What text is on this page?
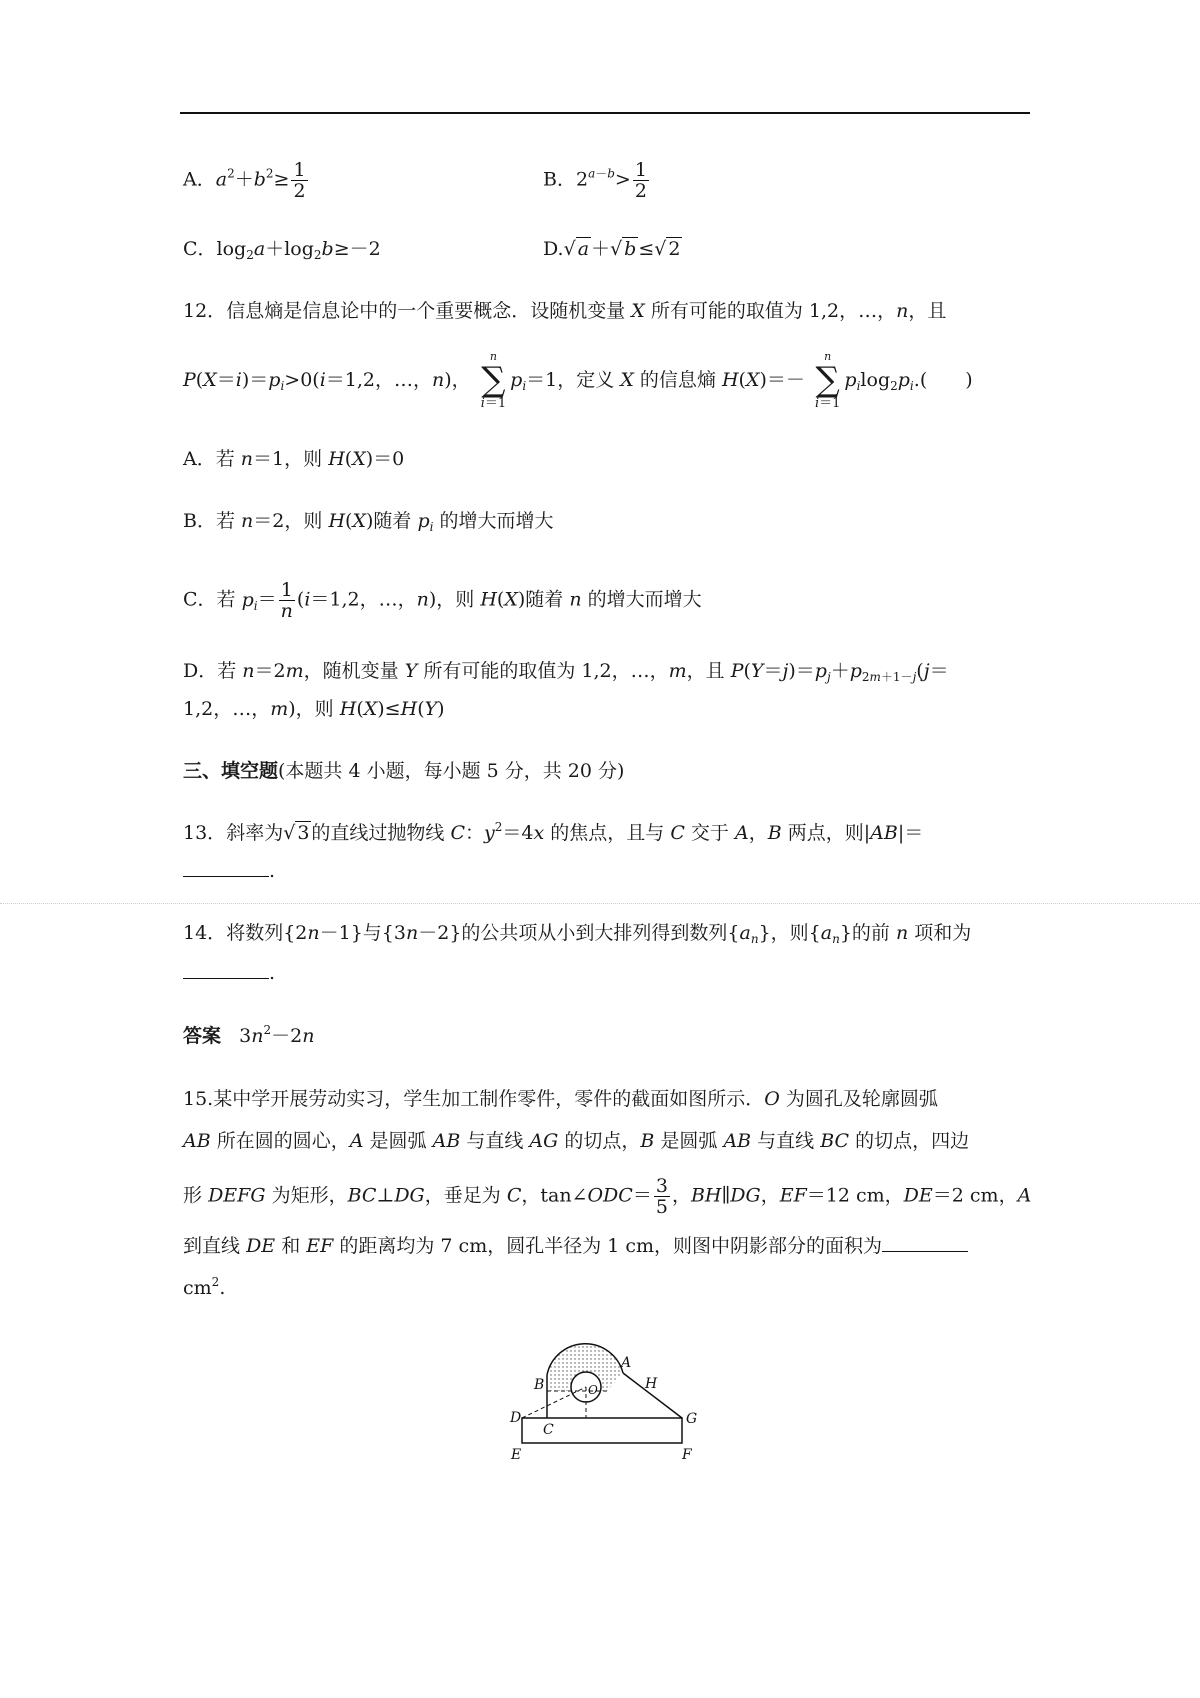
A．$a^2+b^2\ge \frac{1}{2}$	B．$2^{a-b}> \frac{1}{2}$
C．$\log_2a+\log_2b\ge-2$	D.√ a ＋√ b ≤√ 2
12．信息熵是信息论中的一个重要概念．设随机变量 X 所有可能的取值为 1,2，…，n，且
$P(X=i)=p_i>0(i=1,2$，…，n)，
n
∑
i＝1
$p_i=1$，定义 X 的信息熵 H(X)＝－
n
∑
i＝1
$p_i\log_2p_i$.(　　)
A．若 n＝1，则 H(X)＝0
B．若 n＝2，则 H(X)随着 $p_i$ 的增大而增大
C．若 $p_i= \frac{1}{n} (i=1,2$，…，n)，则 H(X)随着 n 的增大而增大
D．若 n＝2m，随机变量 Y 所有可能的取值为 1,2，…，m，且 $P(Y=j)=p_j+p_{2m+1-j}(j=$
1,2，…，m)，则 H(X)≤H(Y)
三、填空题(本题共 4 小题，每小题 5 分，共 20 分)
13．斜率为√ 3 的直线过抛物线 C：$y^2=4x$ 的焦点，且与 C 交于 A，B 两点，则|AB|＝
.
14．将数列{2n－1}与{3n－2}的公共项从小到大排列得到数列$\{a_n\}$，则$\{a_n\}$的前 n 项和为
.
答案   $3n^2-2n$
15.某中学开展劳动实习，学生加工制作零件，零件的截面如图所示．O 为圆孔及轮廓圆弧
AB 所在圆的圆心，A 是圆弧 AB 与直线 AG 的切点，B 是圆弧 AB 与直线 BC 的切点，四边
形 DEFG 为矩形，BC⊥DG，垂足为 C，tan∠ODC＝ $\frac{3}{5}$ ，BH∥DG，EF＝12 cm，DE＝2 cm，A
到直线 DE 和 EF 的距离均为 7 cm，圆孔半径为 1 cm，则图中阴影部分的面积为
$cm^2$.
A
B
C
D
E	F
G
H
O
